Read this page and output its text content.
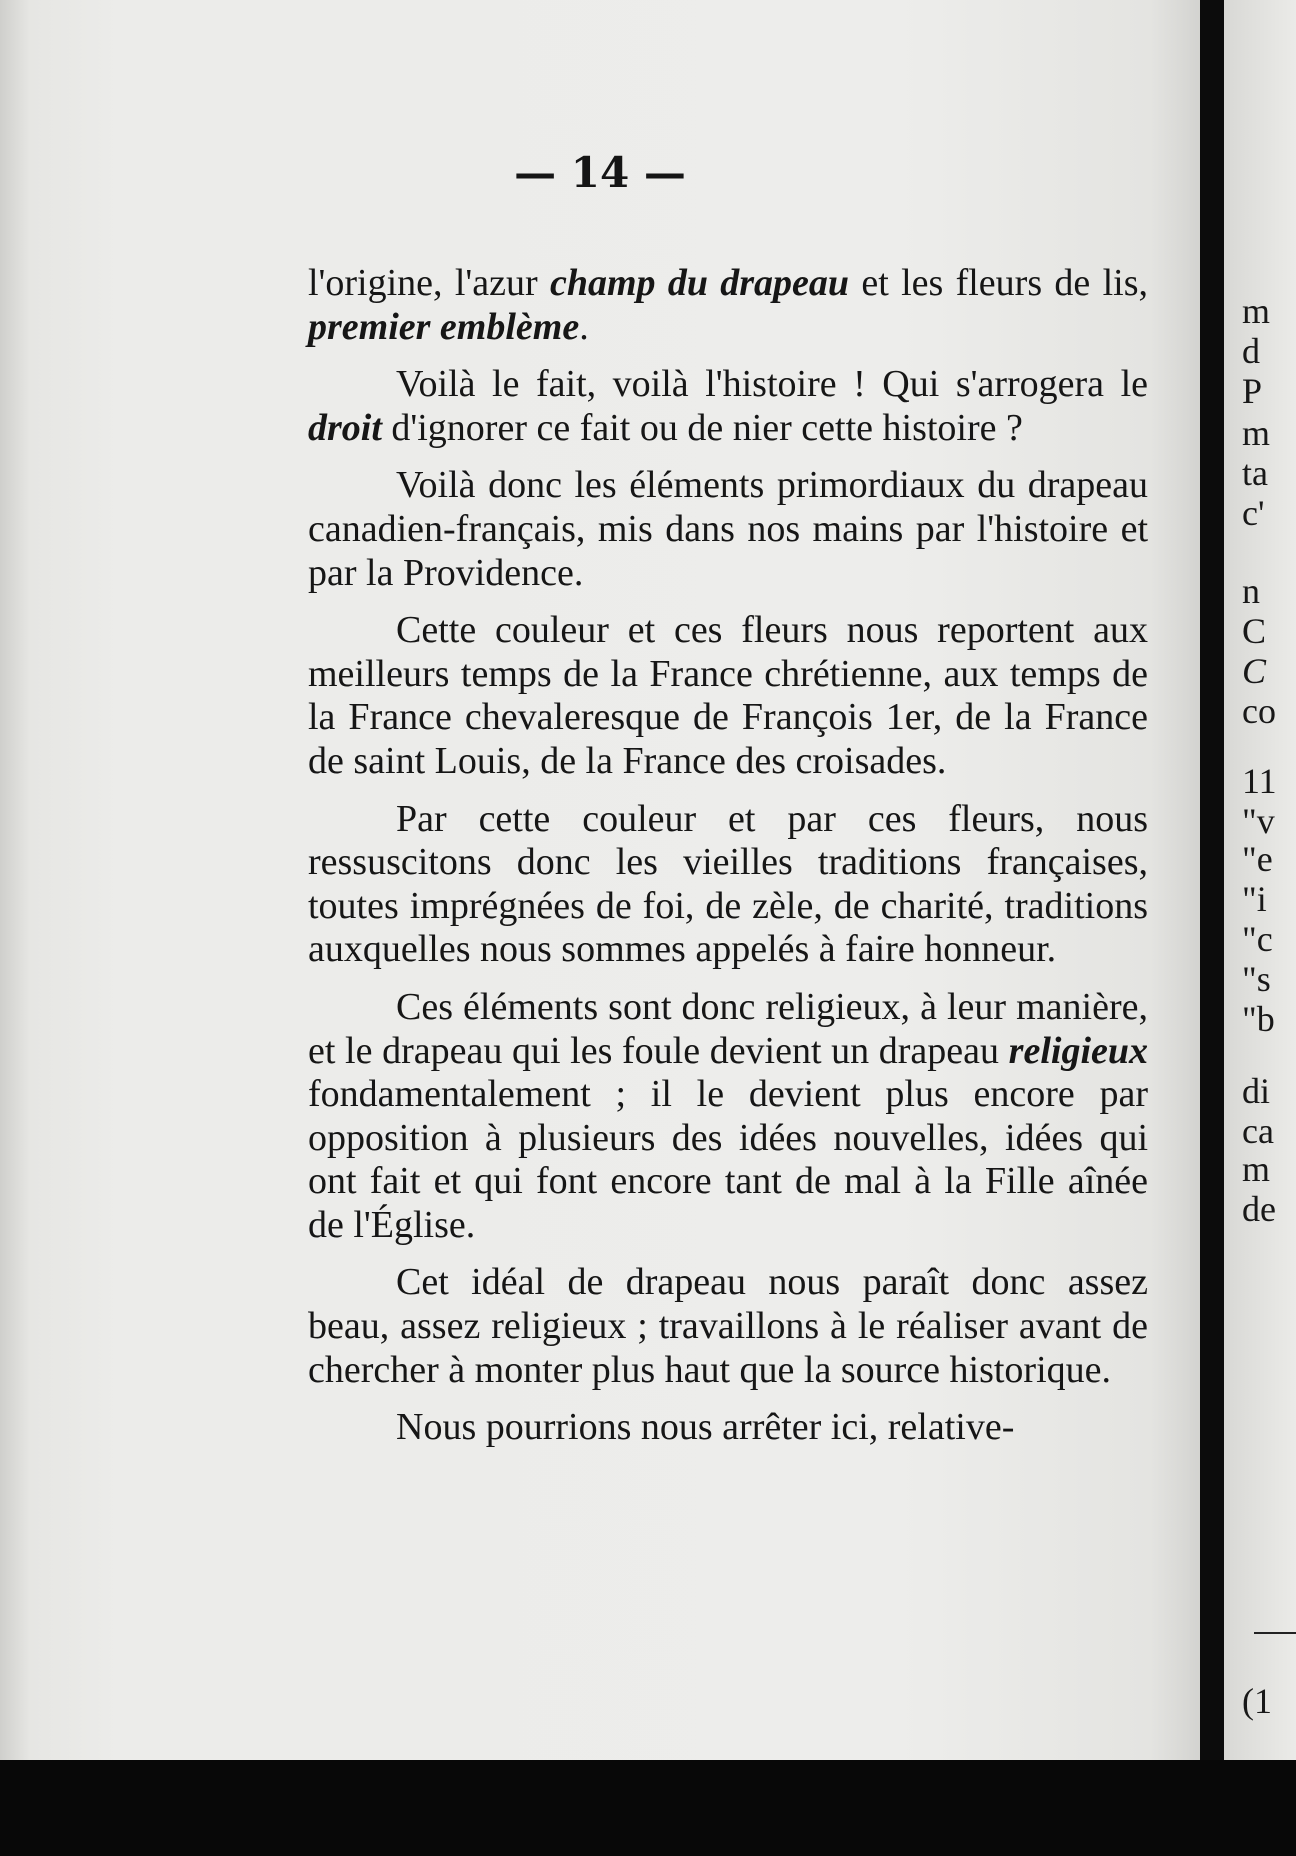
— 14 —

l'origine, l'azur champ du drapeau et les fleurs de lis, premier emblème.

Voilà le fait, voilà l'histoire ! Qui s'arrogera le droit d'ignorer ce fait ou de nier cette histoire ?

Voilà donc les éléments primordiaux du drapeau canadien-français, mis dans nos mains par l'histoire et par la Providence.

Cette couleur et ces fleurs nous reportent aux meilleurs temps de la France chrétienne, aux temps de la France chevaleresque de François 1er, de la France de saint Louis, de la France des croisades.

Par cette couleur et par ces fleurs, nous ressuscitons donc les vieilles traditions françaises, toutes imprégnées de foi, de zèle, de charité, traditions auxquelles nous sommes appelés à faire honneur.

Ces éléments sont donc religieux, à leur manière, et le drapeau qui les foule devient un drapeau religieux fondamentalement ; il le devient plus encore par opposition à plusieurs des idées nouvelles, idées qui ont fait et qui font encore tant de mal à la Fille aînée de l'Église.

Cet idéal de drapeau nous paraît donc assez beau, assez religieux ; travaillons à le réaliser avant de chercher à monter plus haut que la source historique.

Nous pourrions nous arrêter ici, relative-

m
d
P
m
ta
c'
n
C
C
co
11
"v
"e
"i
"c
"s
"b
di
ca
m
de
(1
